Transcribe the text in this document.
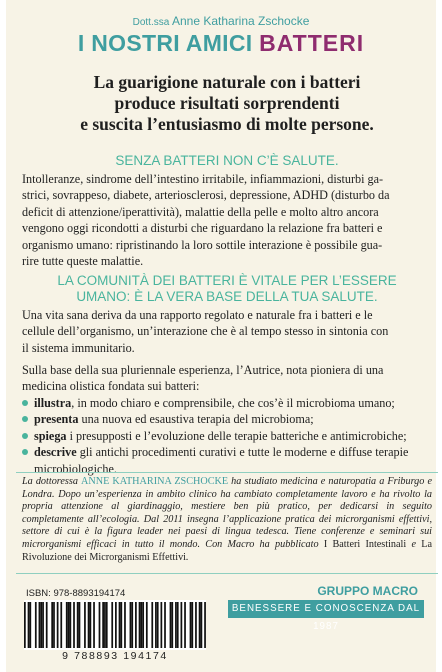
Dott.ssa Anne Katharina Zschocke
I NOSTRI AMICI BATTERI
La guarigione naturale con i batteri
produce risultati sorprendenti
e suscita l’entusiasmo di molte persone.
SENZA BATTERI NON C’È SALUTE.
Intolleranze, sindrome dell’intestino irritabile, infiammazioni, disturbi ga-
strici, sovrappeso, diabete, arteriosclerosi, depressione, ADHD (disturbo da
deficit di attenzione/iperattività), malattie della pelle e molto altro ancora
vengono oggi ricondotti a disturbi che riguardano la relazione fra batteri e
organismo umano: ripristinando la loro sottile interazione è possibile gua-
rire tutte queste malattie.
LA COMUNITÀ DEI BATTERI È VITALE PER L’ESSERE
UMANO: È LA VERA BASE DELLA TUA SALUTE.
Una vita sana deriva da una rapporto regolato e naturale fra i batteri e le
cellule dell’organismo, un’interazione che è al tempo stesso in sintonia con
il sistema immunitario.
Sulla base della sua pluriennale esperienza, l’Autrice, nota pioniera di una
medicina olistica fondata sui batteri:
illustra, in modo chiaro e comprensibile, che cos’è il microbioma umano;
presenta una nuova ed esaustiva terapia del microbioma;
spiega i presupposti e l’evoluzione delle terapie batteriche e antimicrobiche;
descrive gli antichi procedimenti curativi e tutte le moderne e diffuse terapie microbiologiche.
La dottoressa ANNE KATHARINA ZSCHOCKE ha studiato medicina e naturopatia a Friburgo e Londra. Dopo un’esperienza in ambito clinico ha cambiato completamente lavoro e ha rivolto la propria attenzione al giardinaggio, mestiere ben più pratico, per dedicarsi in seguito completamente all’ecologia. Dal 2011 insegna l’applicazione pratica dei microrganismi effettivi, settore di cui è la figura leader nei paesi di lingua tedesca. Tiene conferenze e seminari sui microrganismi efficaci in tutto il mondo. Con Macro ha pubblicato I Batteri Intestinali e La Rivoluzione dei Microrganismi Effettivi.
ISBN: 978-8893194174
9 788893 194174
GRUPPO MACRO
BENESSERE E CONOSCENZA DAL 1987
